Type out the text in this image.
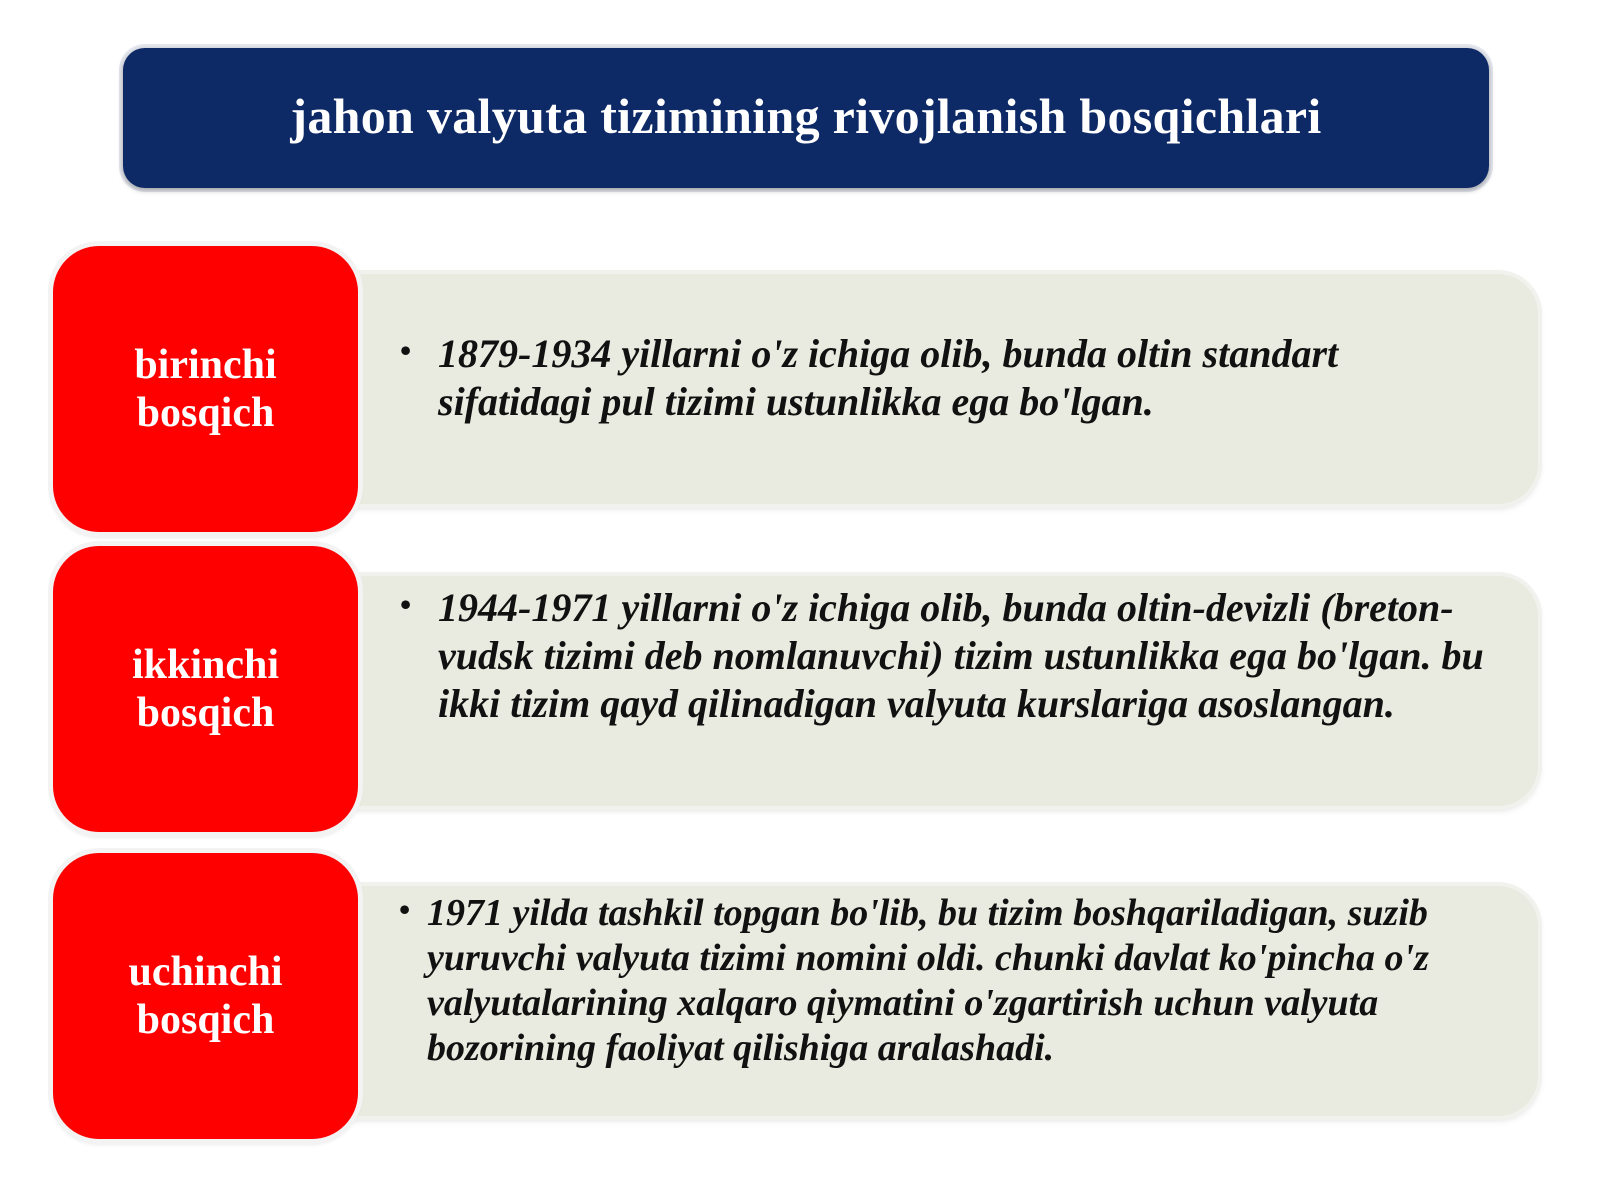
jahon valyuta tizimining rivojlanish bosqichlari
birinchi
bosqich
• 1879-1934 yillarni o'z ichiga olib, bunda oltin standart sifatidagi pul tizimi ustunlikka ega bo'lgan.
ikkinchi
bosqich
• 1944-1971 yillarni o'z ichiga olib, bunda oltin-devizli (breton-vudsk tizimi deb nomlanuvchi) tizim ustunlikka ega bo'lgan. bu ikki tizim qayd qilinadigan valyuta kurslariga asoslangan.
uchinchi
bosqich
• 1971 yilda tashkil topgan bo'lib, bu tizim boshqariladigan, suzib yuruvchi valyuta tizimi nomini oldi. chunki davlat ko'pincha o'z valyutalarining xalqaro qiymatini o'zgartirish uchun valyuta bozorining faoliyat qilishiga aralashadi.
